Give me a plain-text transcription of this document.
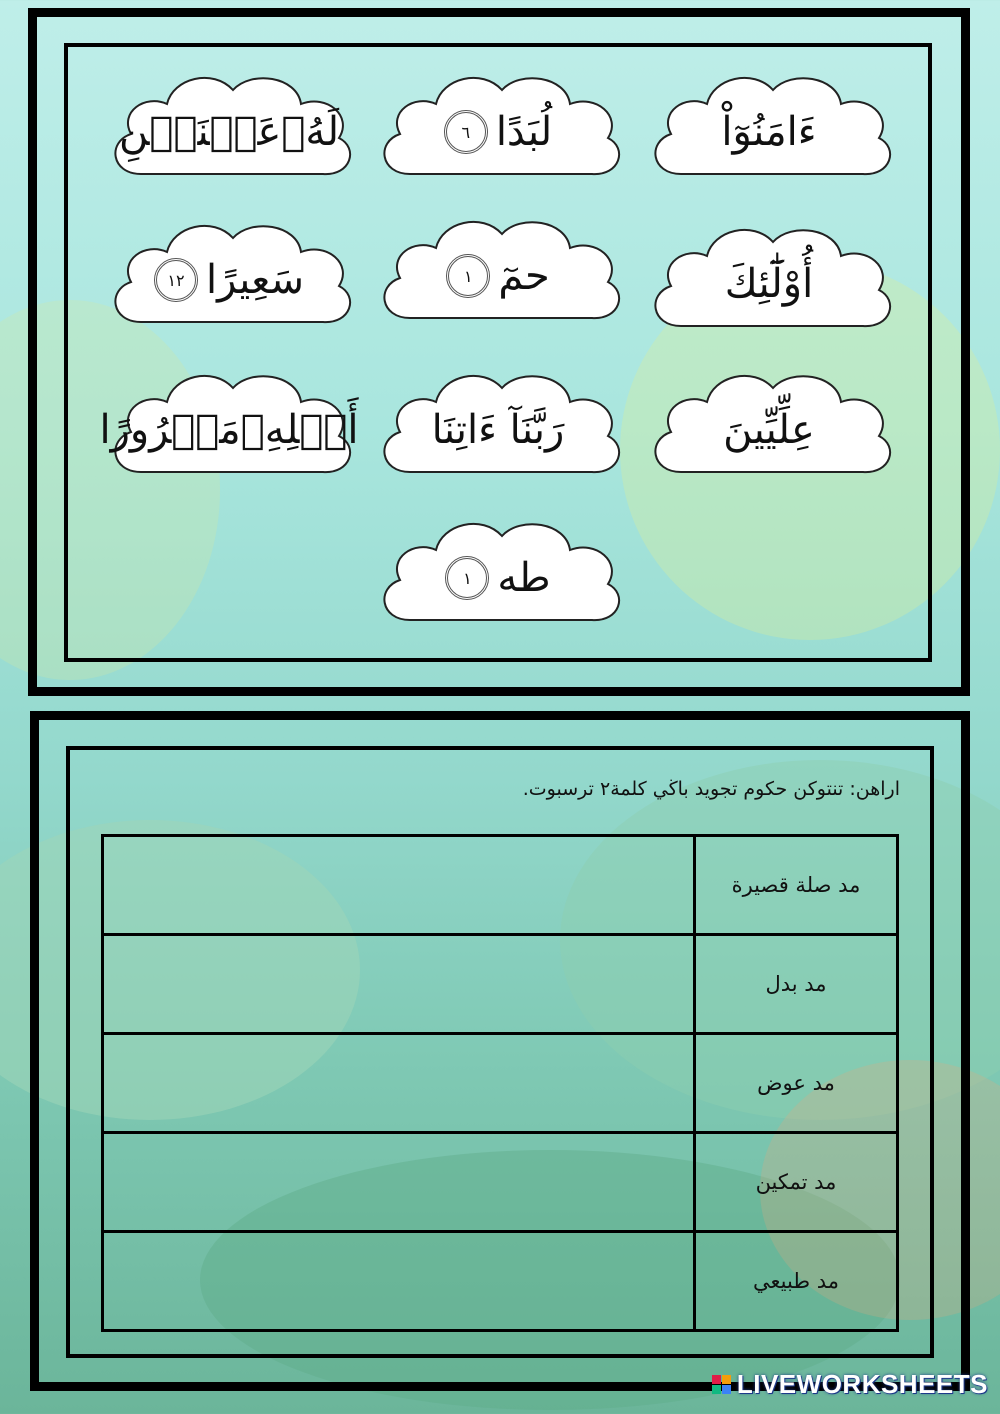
ءَامَنُوٓاْ
لُبَدًا
٦
لَهُۥعَيۡنَيۡنِ
أُوْلَٰٓئِكَ
حمٓ
١
سَعِيرًا
١٢
عِلِّيِّينَ
رَبَّنَآ ءَاتِنَا
أَهۡلِهِۦمَسۡرُورًا
طه
١
اراهن: تنتوكن حكوم تجويد باڬي كلمة٢ ترسبوت.
مد صلة قصيرة	
مد بدل	
مد عوض	
مد تمكين	
مد طبيعي	
LIVEWORKSHEETS
